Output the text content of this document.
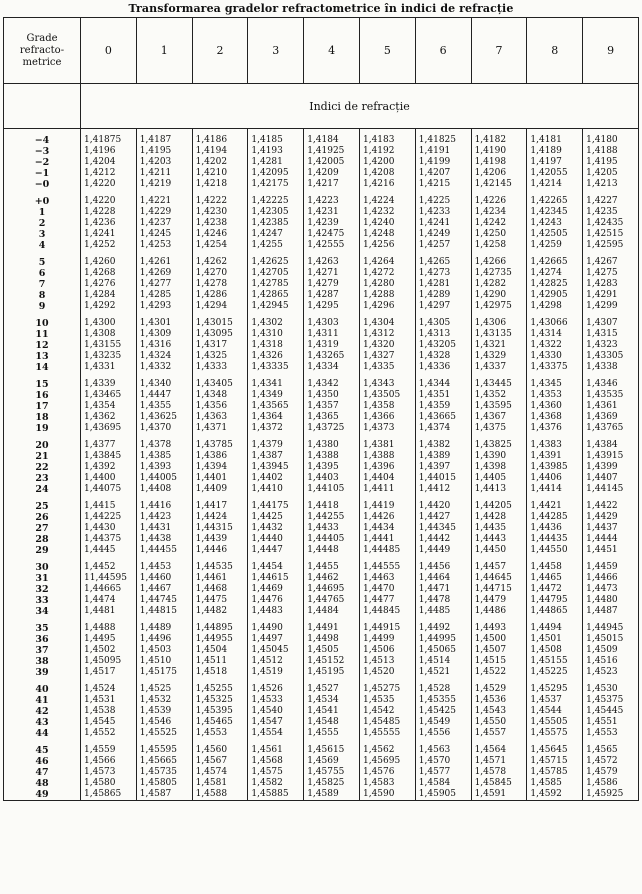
Transformarea gradelor refractometrice în indici de refracție
Grade refracto-metrice	0	1	2	3	4	5	6	7	8	9
	Indici de refracție									
−4	1,41875	1,4187	1,4186	1,4185	1,4184	1,4183	1,41825	1,4182	1,4181	1,4180
−3	1,4196	1,4195	1,4194	1,4193	1,41925	1,4192	1,4191	1,4190	1,4189	1,4188
−2	1,4204	1,4203	1,4202	1,4281	1,42005	1,4200	1,4199	1,4198	1,4197	1,4195
−1	1,4212	1,4211	1,4210	1,42095	1,4209	1,4208	1,4207	1,4206	1,42055	1,4205
−0	1,4220	1,4219	1,4218	1,42175	1,4217	1,4216	1,4215	1,42145	1,4214	1,4213
+0	1,4220	1,4221	1,4222	1,42225	1,4223	1,4224	1,4225	1,4226	1,42265	1,4227
1	1,4228	1,4229	1,4230	1,42305	1,4231	1,4232	1,4233	1,4234	1,42345	1,4235
2	1,4236	1,4237	1,4238	1,42385	1,4239	1,4240	1,4241	1,4242	1,4243	1,42435
3	1,4241	1,4245	1,4246	1,4247	1,42475	1,4248	1,4249	1,4250	1,42505	1,42515
4	1,4252	1,4253	1,4254	1,4255	1,42555	1,4256	1,4257	1,4258	1,4259	1,42595
5	1,4260	1,4261	1,4262	1,42625	1,4263	1,4264	1,4265	1,4266	1,42665	1,4267
6	1,4268	1,4269	1,4270	1,42705	1,4271	1,4272	1,4273	1,42735	1,4274	1,4275
7	1,4276	1,4277	1,4278	1,42785	1,4279	1,4280	1,4281	1,4282	1,42825	1,4283
8	1,4284	1,4285	1,4286	1,42865	1,4287	1,4288	1,4289	1,4290	1,42905	1,4291
9	1,4292	1,4293	1,4294	1,42945	1,4295	1,4296	1,4297	1,42975	1,4298	1,4299
10	1,4300	1,4301	1,43015	1,4302	1,4303	1,4304	1,4305	1,4306	1,43066	1,4307
11	1,4308	1,4309	1,43095	1,4310	1,4311	1,4312	1,4313	1,43135	1,4314	1,4315
12	1,43155	1,4316	1,4317	1,4318	1,4319	1,4320	1,43205	1,4321	1,4322	1,4323
13	1,43235	1,4324	1,4325	1,4326	1,43265	1,4327	1,4328	1,4329	1,4330	1,43305
14	1,4331	1,4332	1,4333	1,43335	1,4334	1,4335	1,4336	1,4337	1,43375	1,4338
15	1,4339	1,4340	1,43405	1,4341	1,4342	1,4343	1,4344	1,43445	1,4345	1,4346
16	1,43465	1,4447	1,4348	1,4349	1,4350	1,43505	1,4351	1,4352	1,4353	1,43535
17	1,4354	1,4355	1,4356	1,43565	1,4357	1,4358	1,4359	1,43595	1,4360	1,4361
18	1,4362	1,43625	1,4363	1,4364	1,4365	1,4366	1,43665	1,4367	1,4368	1,4369
19	1,43695	1,4370	1,4371	1,4372	1,43725	1,4373	1,4374	1,4375	1,4376	1,43765
20	1,4377	1,4378	1,43785	1,4379	1,4380	1,4381	1,4382	1,43825	1,4383	1,4384
21	1,43845	1,4385	1,4386	1,4387	1,4388	1,4388	1,4389	1,4390	1,4391	1,43915
22	1,4392	1,4393	1,4394	1,43945	1,4395	1,4396	1,4397	1,4398	1,43985	1,4399
23	1,4400	1,44005	1,4401	1,4402	1,4403	1,4404	1,44015	1,4405	1,4406	1,4407
24	1,44075	1,4408	1,4409	1,4410	1,44105	1,4411	1,4412	1,4413	1,4414	1,44145
25	1,4415	1,4416	1,4417	1,44175	1,4418	1,4419	1,4420	1,44205	1,4421	1,4422
26	1,44225	1,4423	1,4424	1,4425	1,44255	1,4426	1,4427	1,4428	1,44285	1,4429
27	1,4430	1,4431	1,44315	1,4432	1,4433	1,4434	1,44345	1,4435	1,4436	1,4437
28	1,44375	1,4438	1,4439	1,4440	1,44405	1,4441	1,4442	1,4443	1,44435	1,4444
29	1,4445	1,44455	1,4446	1,4447	1,4448	1,44485	1,4449	1,4450	1,44550	1,4451
30	1,4452	1,4453	1,44535	1,4454	1,4455	1,44555	1,4456	1,4457	1,4458	1,4459
31	11,44595	1,4460	1,4461	1,44615	1,4462	1,4463	1,4464	1,44645	1,4465	1,4466
32	1,44665	1,4467	1,4468	1,4469	1,44695	1,4470	1,4471	1,44715	1,4472	1,4473
33	1,4474	1,44745	1,4475	1,4476	1,44765	1,4477	1,4478	1,4479	1,44795	1,4480
34	1,4481	1,44815	1,4482	1,4483	1,4484	1,44845	1,4485	1,4486	1,44865	1,4487
35	1,4488	1,4489	1,44895	1,4490	1,4491	1,44915	1,4492	1,4493	1,4494	1,44945
36	1,4495	1,4496	1,44955	1,4497	1,4498	1,4499	1,44995	1,4500	1,4501	1,45015
37	1,4502	1,4503	1,4504	1,45045	1,4505	1,4506	1,45065	1,4507	1,4508	1,4509
38	1,45095	1,4510	1,4511	1,4512	1,45152	1,4513	1,4514	1,4515	1,45155	1,4516
39	1,4517	1,45175	1,4518	1,4519	1,45195	1,4520	1,4521	1,4522	1,45225	1,4523
40	1,4524	1,4525	1,45255	1,4526	1,4527	1,45275	1,4528	1,4529	1,45295	1,4530
41	1,4531	1,4532	1,45325	1,4533	1,4534	1,4535	1,45355	1,4536	1,4537	1,45375
42	1,4538	1,4539	1,45395	1,4540	1,4541	1,4542	1,45425	1,4543	1,4544	1,45445
43	1,4545	1,4546	1,45465	1,4547	1,4548	1,45485	1,4549	1,4550	1,45505	1,4551
44	1,4552	1,45525	1,4553	1,4554	1,4555	1,45555	1,4556	1,4557	1,45575	1,4553
45	1,4559	1,45595	1,4560	1,4561	1,45615	1,4562	1,4563	1,4564	1,45645	1,4565
46	1,4566	1,45665	1,4567	1,4568	1,4569	1,45695	1,4570	1,4571	1,45715	1,4572
47	1,4573	1,45735	1,4574	1,4575	1,45755	1,4576	1,4577	1,4578	1,45785	1,4579
48	1,4580	1,45805	1,4581	1,4582	1,45825	1,4583	1,4584	1,45845	1,4585	1,4586
49	1,45865	1,4587	1,4588	1,45885	1,4589	1,4590	1,45905	1,4591	1,4592	1,45925
